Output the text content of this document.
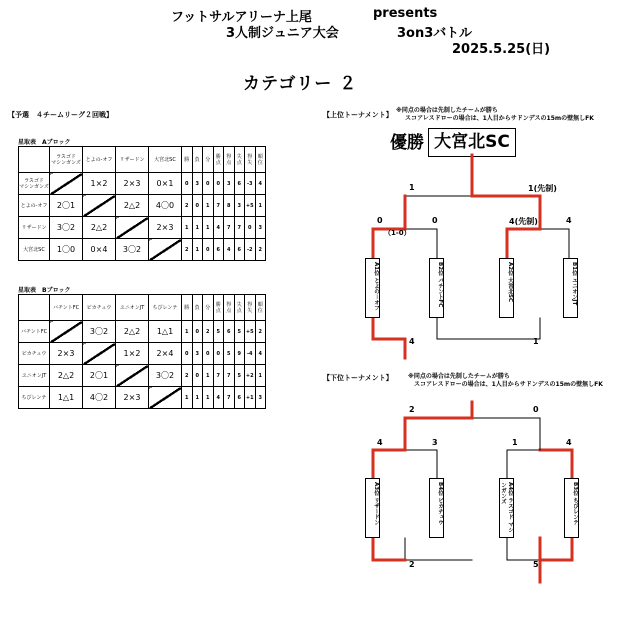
フットサルアリーナ上尾	presents
3人制ジュニア大会	3on3バトル
2025.5.25(日)
カテゴリー ２
【予選　４チームリーグ２回戦】
星取表　Aブロック
星取表　Bブロック
	ラスゴド
マシンガンズ	とよの-オフ	リザードン	大宮北SC	勝	負	分	勝点	得点	失点	得失	順位
ラスゴド
マシンガンズ		1×2	2×3	0×1	0	3	0	0	3	6	-3	4
とよの-オフ	2〇1		2△2	4〇0	2	0	1	7	8	3	+5	1
リザードン	3〇2	2△2		2×3	1	1	1	4	7	7	0	3
大宮北SC	1〇0	0×4	3〇2		2	1	0	6	4	6	-2	2
	バチントFC	ピカチュウ	ユニオンJT	ちびレンテ	勝	負	分	勝点	得点	失点	得失	順位
バチントFC		3〇2	2△2	1△1	1	0	2	5	6	5	+5	2
ピカチュウ	2×3		1×2	2×4	0	3	0	0	5	9	-4	4
ユニオンJT	2△2	2〇1		3〇2	2	0	1	7	7	5	+2	1
ちびレンテ	1△1	4〇2	2×3		1	1	1	4	7	6	+1	3
【上位トーナメント】
※同点の場合は先制したチームが勝ち
スコアレスドローの場合は、1人目からサドンデスの15mの壁無しFK
優勝 大宮北SC
【下位トーナメント】	※同点の場合は先制したチームが勝ち
スコアレスドローの場合は、1人目からサドンデスの15mの壁無しFK
1	1(先制)
0	0
（1-0）
4(先制)	4
4	1
A1位 とよの－オフ	B2位 バチントFC	A2位 大宮北SC	B1位 ユニオンJT
2	0
4	3	1	4
2	5
A3位 リザードン	B4位 ピカチュウ	A4位 ラスゴド マシンガンズ	B3位 ちびレンテ
